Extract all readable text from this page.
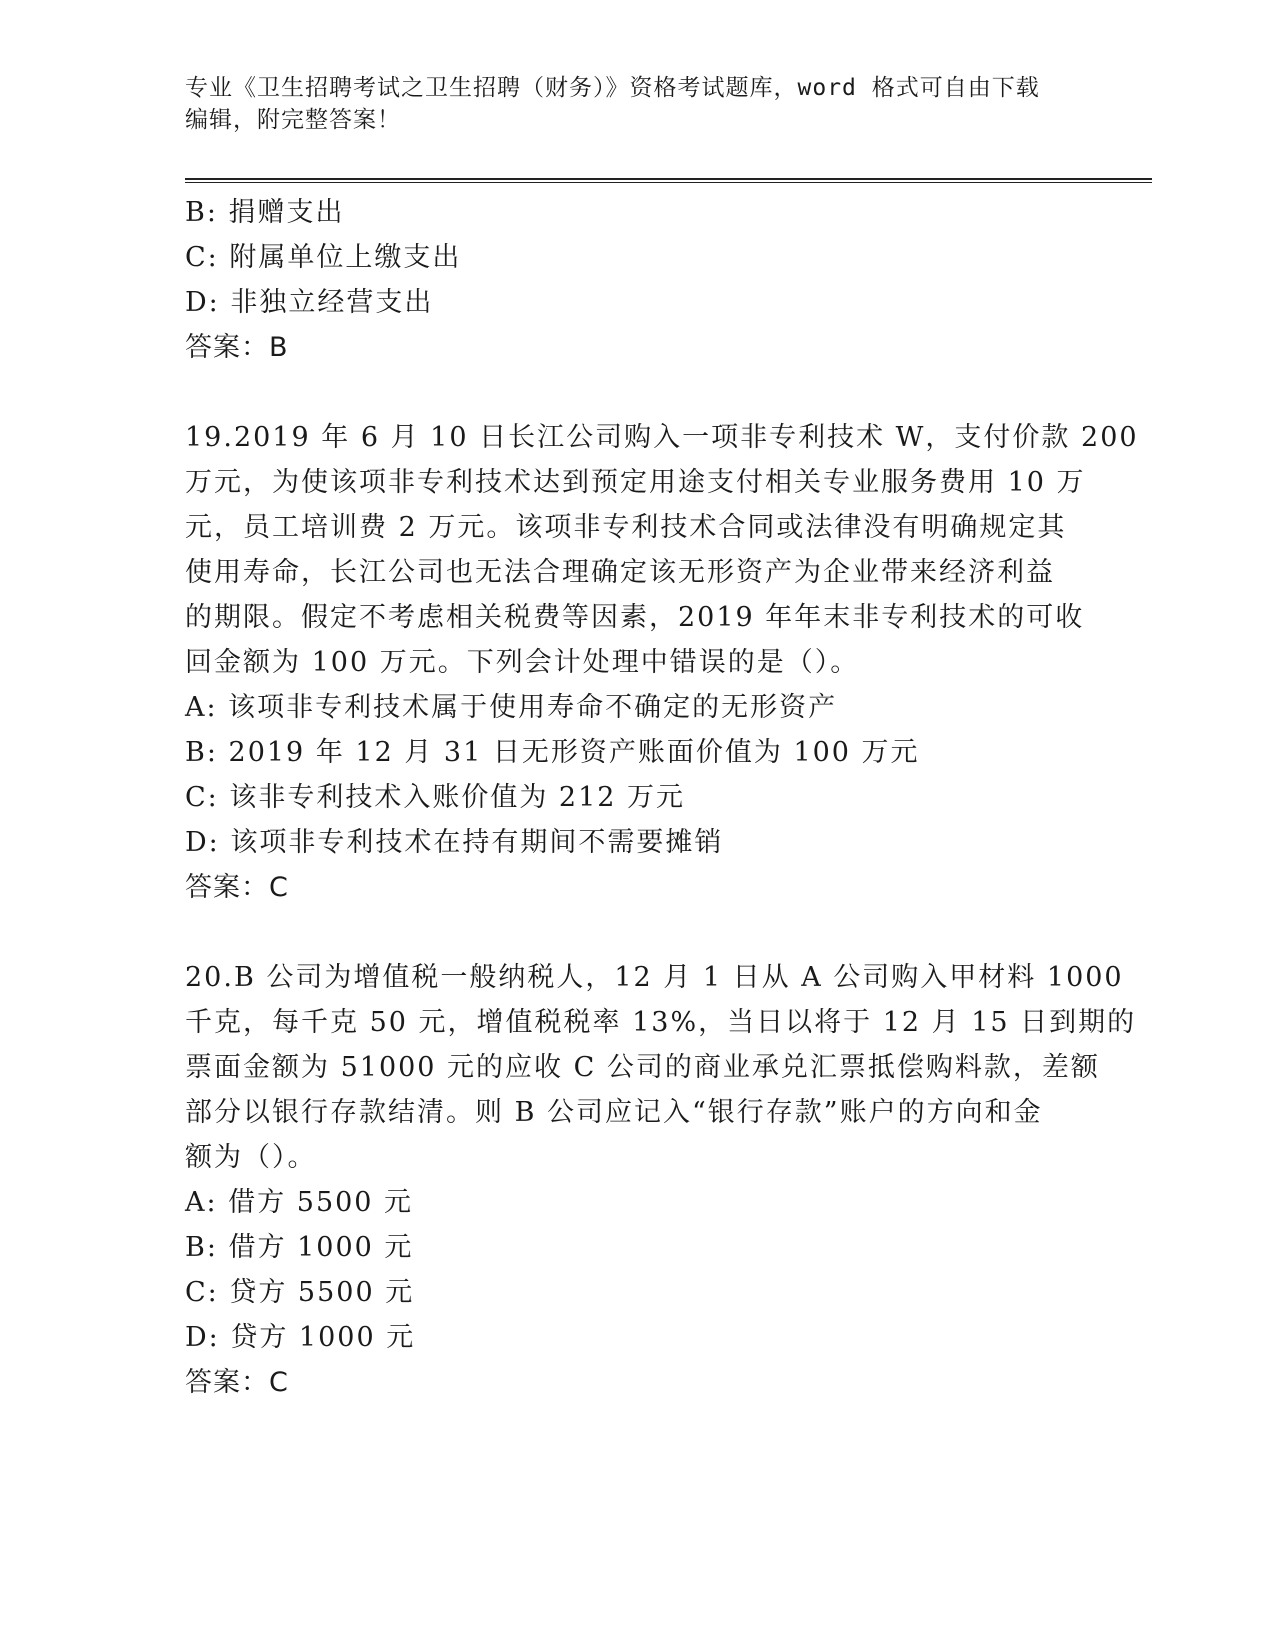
专业《卫生招聘考试之卫生招聘（财务）》资格考试题库，word 格式可自由下载
编辑，附完整答案！
B: 捐赠支出
C: 附属单位上缴支出
D: 非独立经营支出
答案：B
19.2019 年 6 月 10 日长江公司购入一项非专利技术 W，支付价款 200
万元，为使该项非专利技术达到预定用途支付相关专业服务费用 10 万
元，员工培训费 2 万元。该项非专利技术合同或法律没有明确规定其
使用寿命，长江公司也无法合理确定该无形资产为企业带来经济利益
的期限。假定不考虑相关税费等因素，2019 年年末非专利技术的可收
回金额为 100 万元。下列会计处理中错误的是（）。
A: 该项非专利技术属于使用寿命不确定的无形资产
B: 2019 年 12 月 31 日无形资产账面价值为 100 万元
C: 该非专利技术入账价值为 212 万元
D: 该项非专利技术在持有期间不需要摊销
答案：C
20.B 公司为增值税一般纳税人，12 月 1 日从 A 公司购入甲材料 1000
千克，每千克 50 元，增值税税率 13%，当日以将于 12 月 15 日到期的
票面金额为 51000 元的应收 C 公司的商业承兑汇票抵偿购料款，差额
部分以银行存款结清。则 B 公司应记入“银行存款”账户的方向和金
额为（）。
A: 借方 5500 元
B: 借方 1000 元
C: 贷方 5500 元
D: 贷方 1000 元
答案：C
